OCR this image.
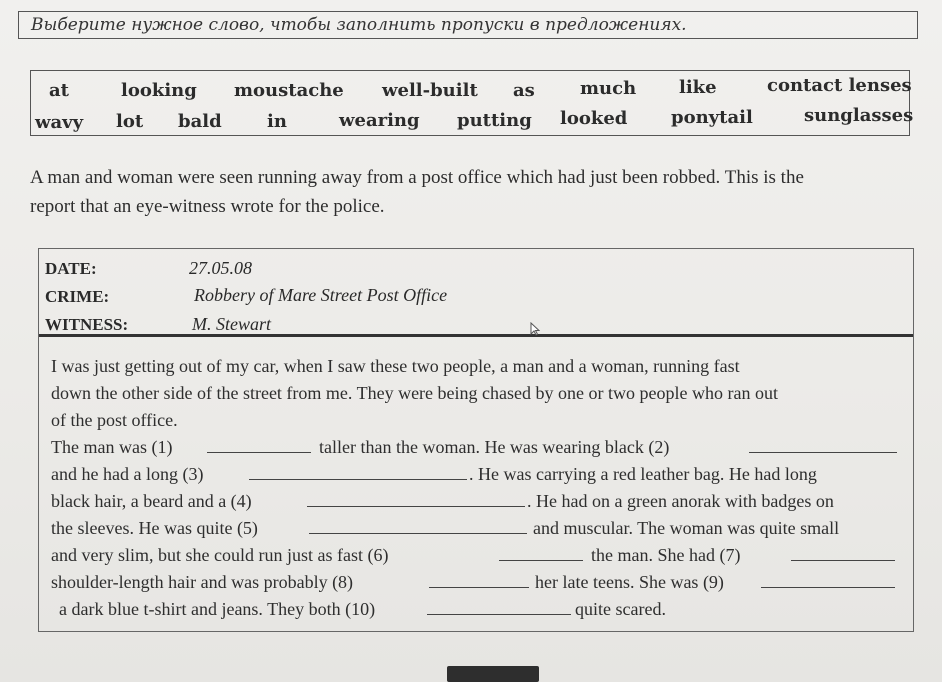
Выберите нужное слово, чтобы заполнить пропуски в предложениях.
at	looking moustache well-built as	much like	contact lenses
wavy lot bald	in	wearing putting looked ponytail	sunglasses
A man and woman were seen running away from a post office which had just been robbed. This is the
report that an eye-witness wrote for the police.
DATE:	27.05.08
CRIME:	Robbery of Mare Street Post Office
WITNESS:	M. Stewart
I was just getting out of my car, when I saw these two people, a man and a woman, running fast
down the other side of the street from me. They were being chased by one or two people who ran out
of the post office.
The man was (1)	taller than the woman. He was wearing black (2)
and he had a long (3)	. He was carrying a red leather bag. He had long
black hair, a beard and a (4)	. He had on a green anorak with badges on
the sleeves. He was quite (5)	and muscular. The woman was quite small
and very slim, but she could run just as fast (6)	the man. She had (7)
shoulder-length hair and was probably (8)	her late teens. She was (9)
a dark blue t-shirt and jeans. They both (10)	quite scared.
